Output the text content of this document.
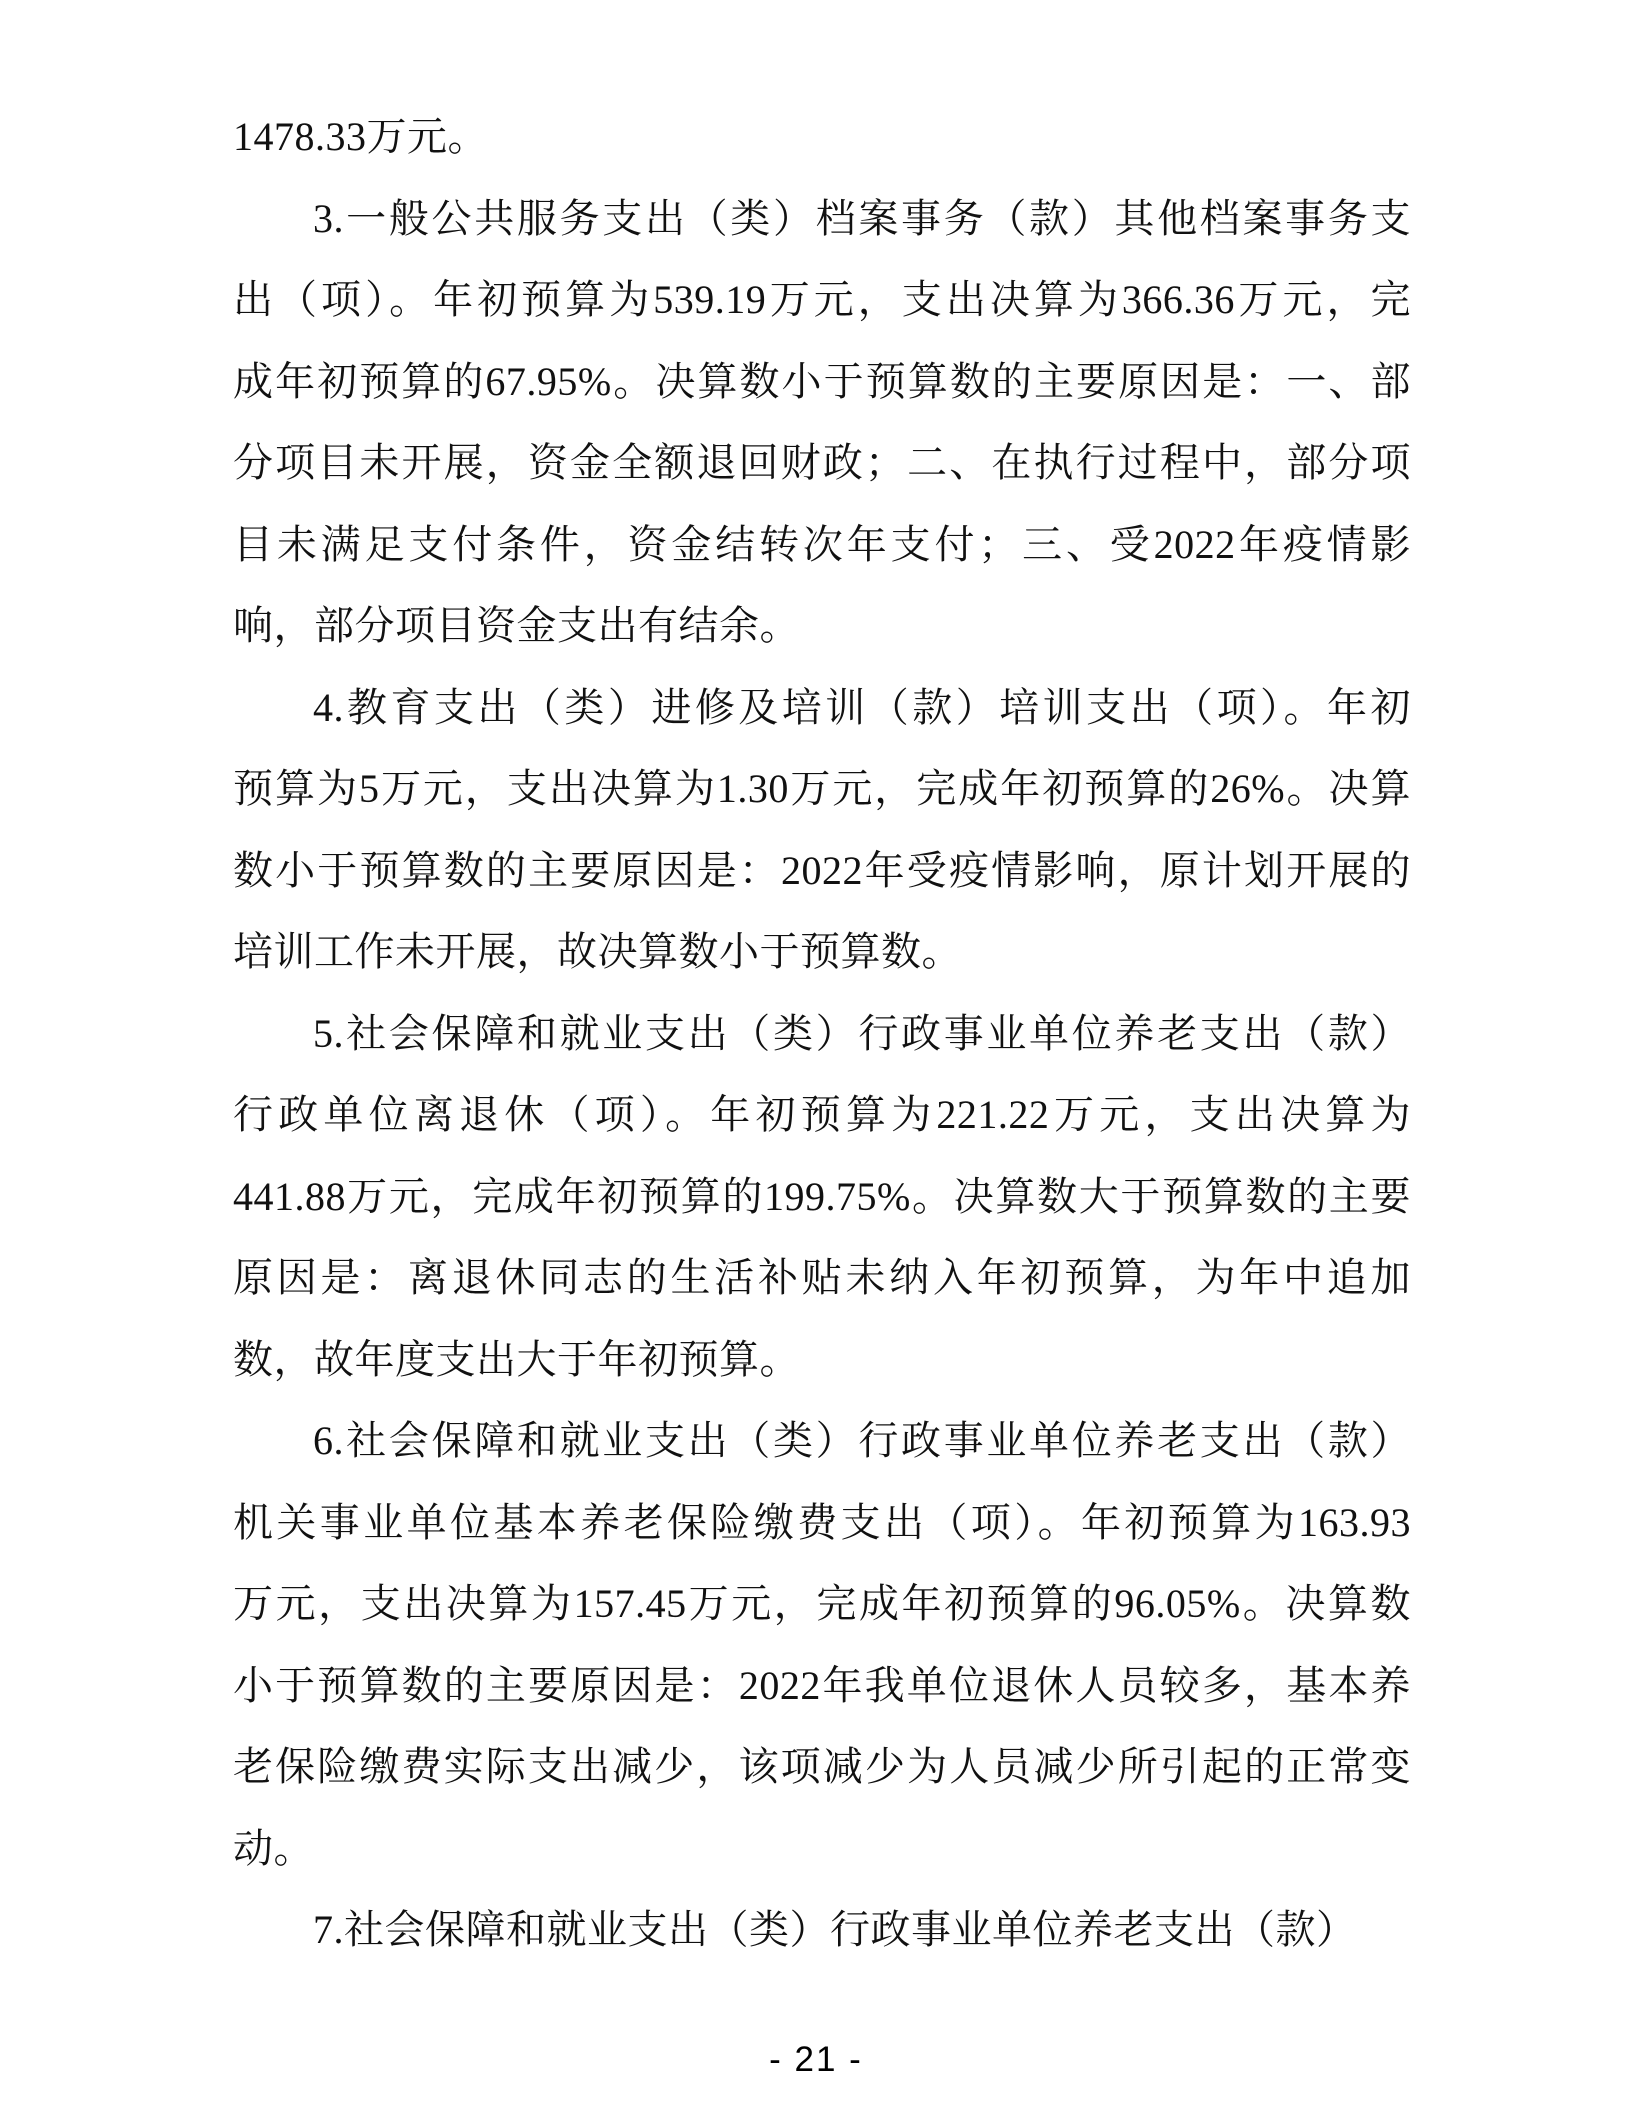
1478.33万元。
3.一般公共服务支出（类）档案事务（款）其他档案事务支
出（项）。年初预算为539.19万元，支出决算为366.36万元，完
成年初预算的67.95%。决算数小于预算数的主要原因是：一、部
分项目未开展，资金全额退回财政；二、在执行过程中，部分项
目未满足支付条件，资金结转次年支付；三、受2022年疫情影
响，部分项目资金支出有结余。
4.教育支出（类）进修及培训（款）培训支出（项）。年初
预算为5万元，支出决算为1.30万元，完成年初预算的26%。决算
数小于预算数的主要原因是：2022年受疫情影响，原计划开展的
培训工作未开展，故决算数小于预算数。
5.社会保障和就业支出（类）行政事业单位养老支出（款）
行政单位离退休（项）。年初预算为221.22万元，支出决算为
441.88万元，完成年初预算的199.75%。决算数大于预算数的主要
原因是：离退休同志的生活补贴未纳入年初预算，为年中追加
数，故年度支出大于年初预算。
6.社会保障和就业支出（类）行政事业单位养老支出（款）
机关事业单位基本养老保险缴费支出（项）。年初预算为163.93
万元，支出决算为157.45万元，完成年初预算的96.05%。决算数
小于预算数的主要原因是：2022年我单位退休人员较多，基本养
老保险缴费实际支出减少，该项减少为人员减少所引起的正常变
动。
7.社会保障和就业支出（类）行政事业单位养老支出（款）
- 21 -
